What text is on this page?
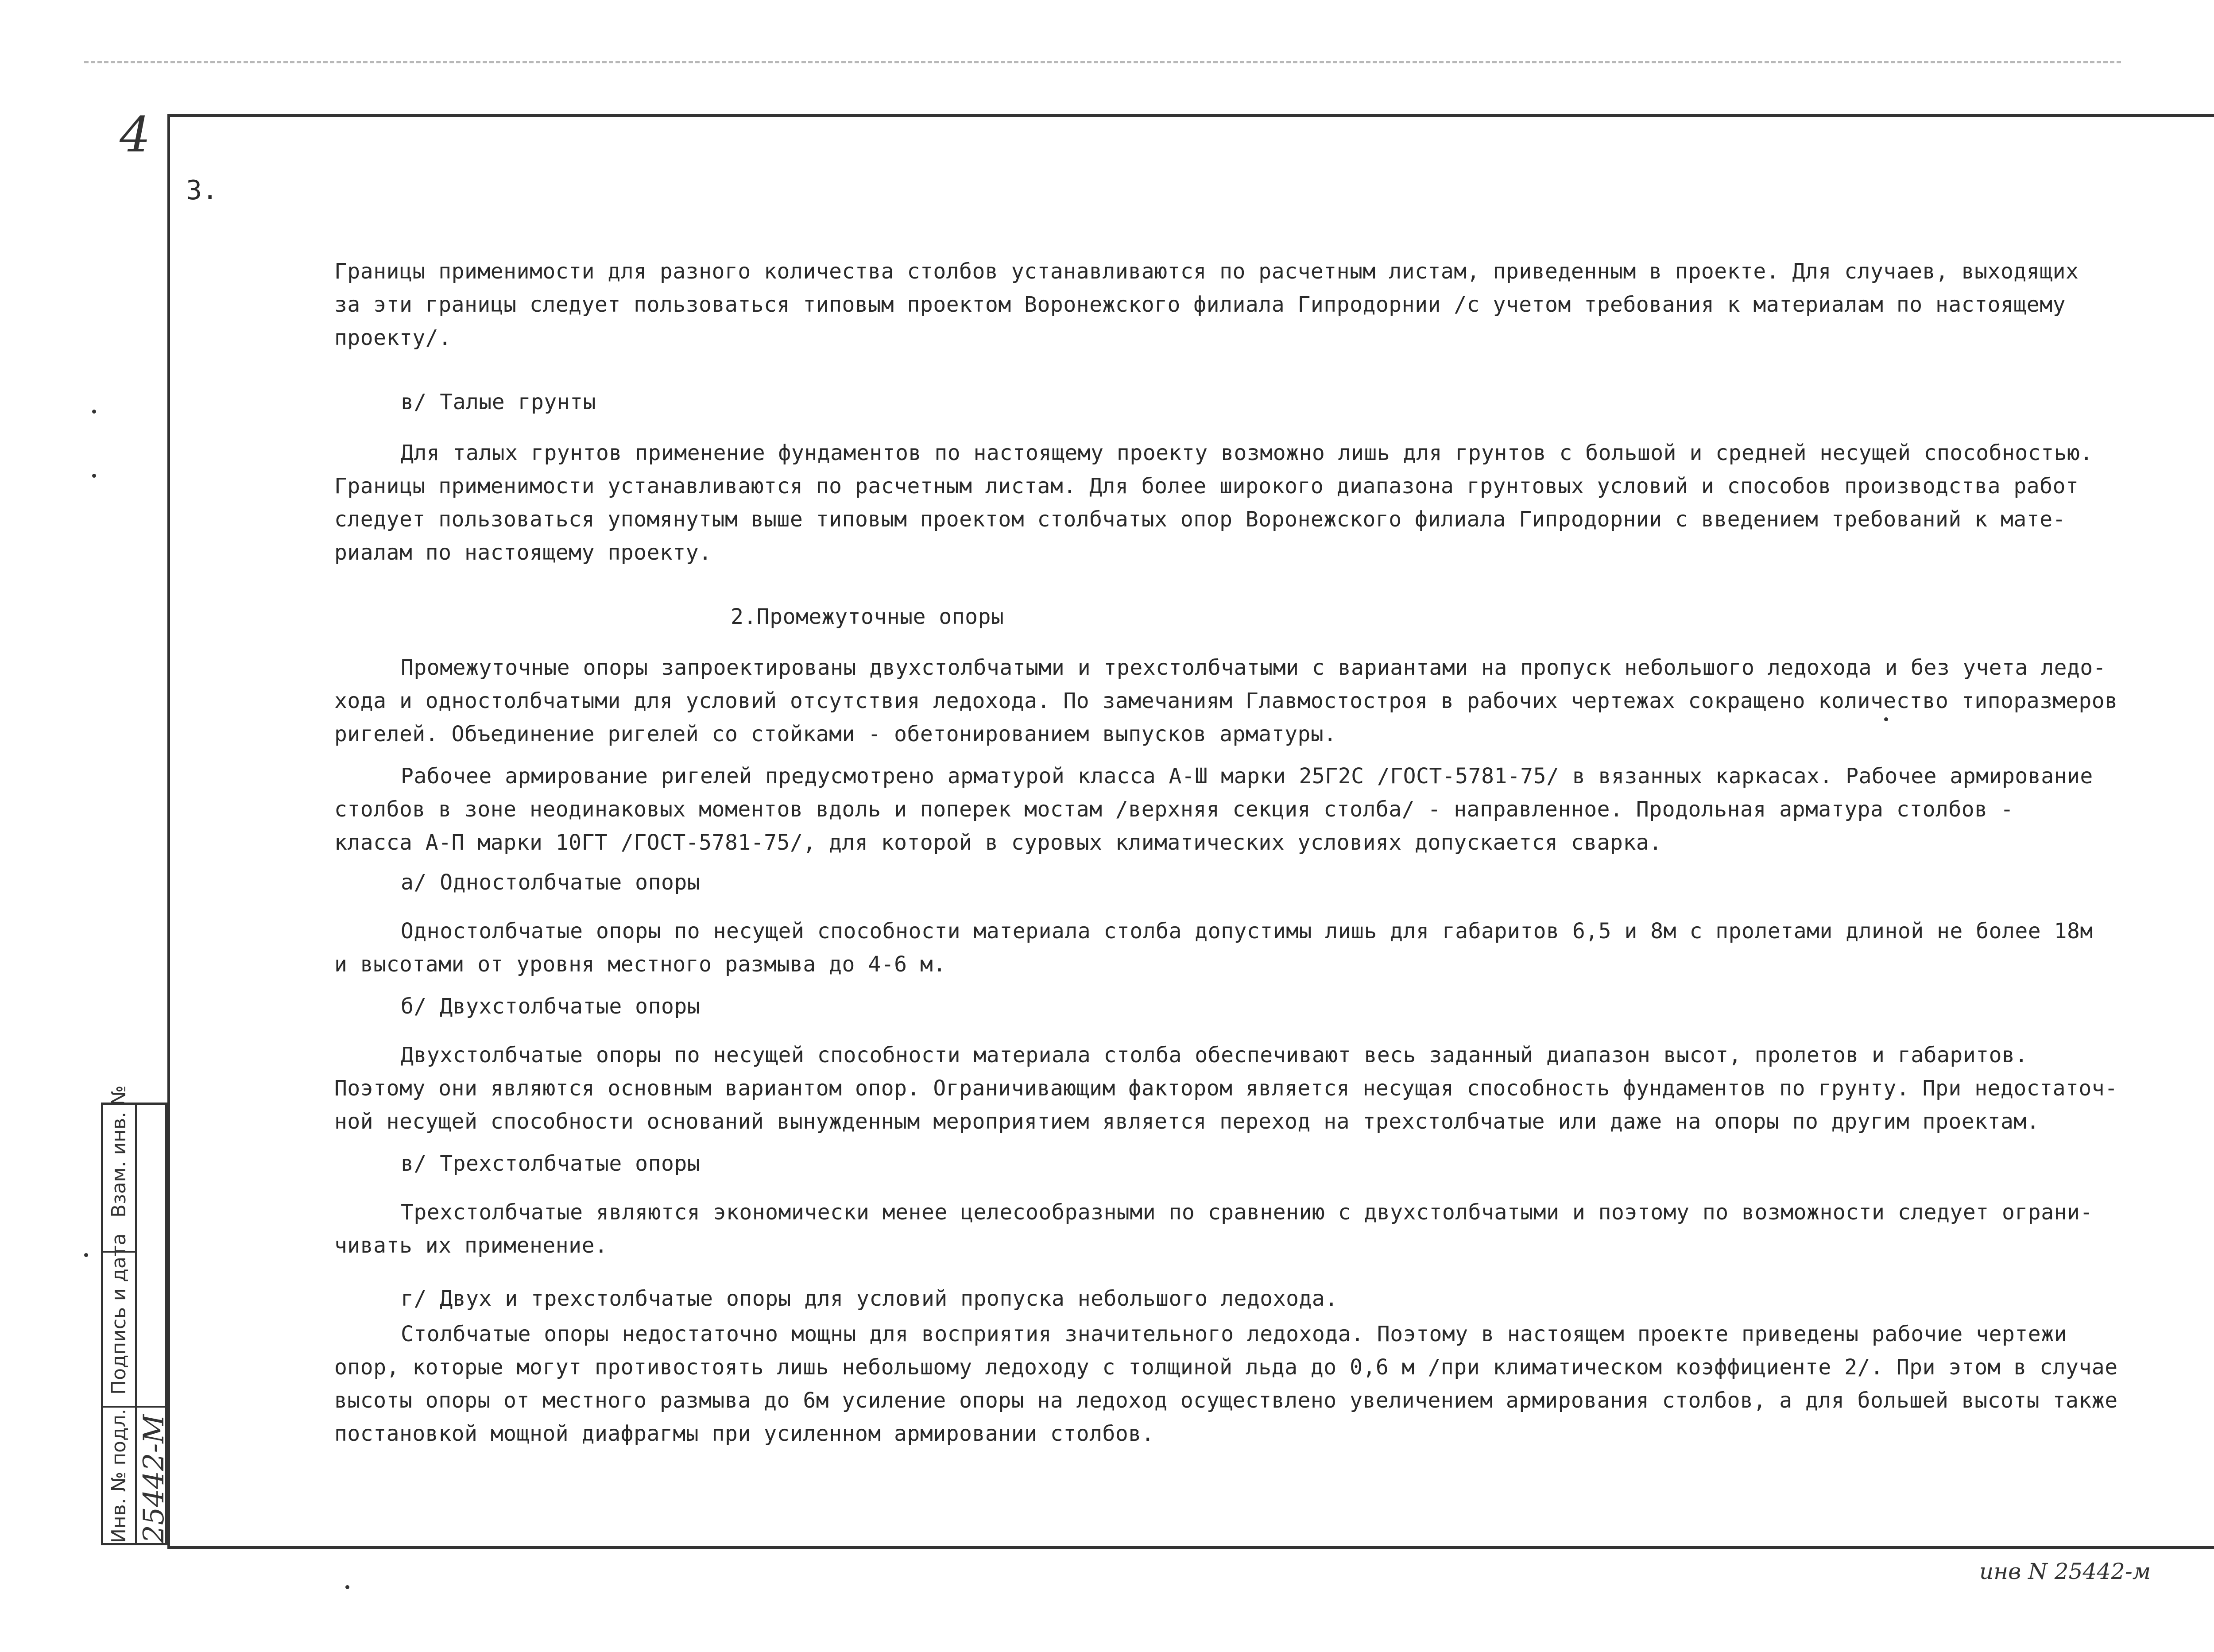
4
Инв. № подл.
Подпись и дата
Взам. инв. №
25442-М
3.
Границы применимости для разного количества столбов устанавливаются по расчетным листам, приведенным в проекте. Для случаев, выходящих
за эти границы следует пользоваться типовым проектом Воронежского филиала Гипродорнии /с учетом требования к материалам по настоящему
проекту/.
в/ Талые грунты
Для талых грунтов применение фундаментов по настоящему проекту возможно лишь для грунтов с большой и средней несущей способностью.
Границы применимости устанавливаются по расчетным листам. Для более широкого диапазона грунтовых условий и способов производства работ
следует пользоваться упомянутым выше типовым проектом столбчатых опор Воронежского филиала Гипродорнии с введением требований к мате-
риалам по настоящему проекту.
2.Промежуточные опоры
Промежуточные опоры запроектированы двухстолбчатыми и трехстолбчатыми с вариантами на пропуск небольшого ледохода и без учета ледо-
хода и одностолбчатыми для условий отсутствия ледохода. По замечаниям Главмостостроя в рабочих чертежах сокращено количество типоразмеров
ригелей. Объединение ригелей со стойками - обетонированием выпусков арматуры.
Рабочее армирование ригелей предусмотрено арматурой класса А-Ш марки 25Г2С /ГОСТ-5781-75/ в вязанных каркасах. Рабочее армирование
столбов в зоне неодинаковых моментов вдоль и поперек мостам /верхняя секция столба/ - направленное. Продольная арматура столбов -
класса А-П марки 10ГТ /ГОСТ-5781-75/, для которой в суровых климатических условиях допускается сварка.
а/ Одностолбчатые опоры
Одностолбчатые опоры по несущей способности материала столба допустимы лишь для габаритов 6,5 и 8м с пролетами длиной не более 18м
и высотами от уровня местного размыва до 4-6 м.
б/ Двухстолбчатые опоры
Двухстолбчатые опоры по несущей способности материала столба обеспечивают весь заданный диапазон высот, пролетов и габаритов.
Поэтому они являются основным вариантом опор. Ограничивающим фактором является несущая способность фундаментов по грунту. При недостаточ-
ной несущей способности оснований вынужденным мероприятием является переход на трехстолбчатые или даже на опоры по другим проектам.
в/ Трехстолбчатые опоры
Трехстолбчатые являются экономически менее целесообразными по сравнению с двухстолбчатыми и поэтому по возможности следует ограни-
чивать их применение.
г/ Двух и трехстолбчатые опоры для условий пропуска небольшого ледохода.
Столбчатые опоры недостаточно мощны для восприятия значительного ледохода. Поэтому в настоящем проекте приведены рабочие чертежи
опор, которые могут противостоять лишь небольшому ледоходу с толщиной льда до 0,6 м /при климатическом коэффициенте 2/. При этом в случае
высоты опоры от местного размыва до 6м усиление опоры на ледоход осуществлено увеличением армирования столбов, а для большей высоты также
постановкой мощной диафрагмы при усиленном армировании столбов.
инв N 25442-м
